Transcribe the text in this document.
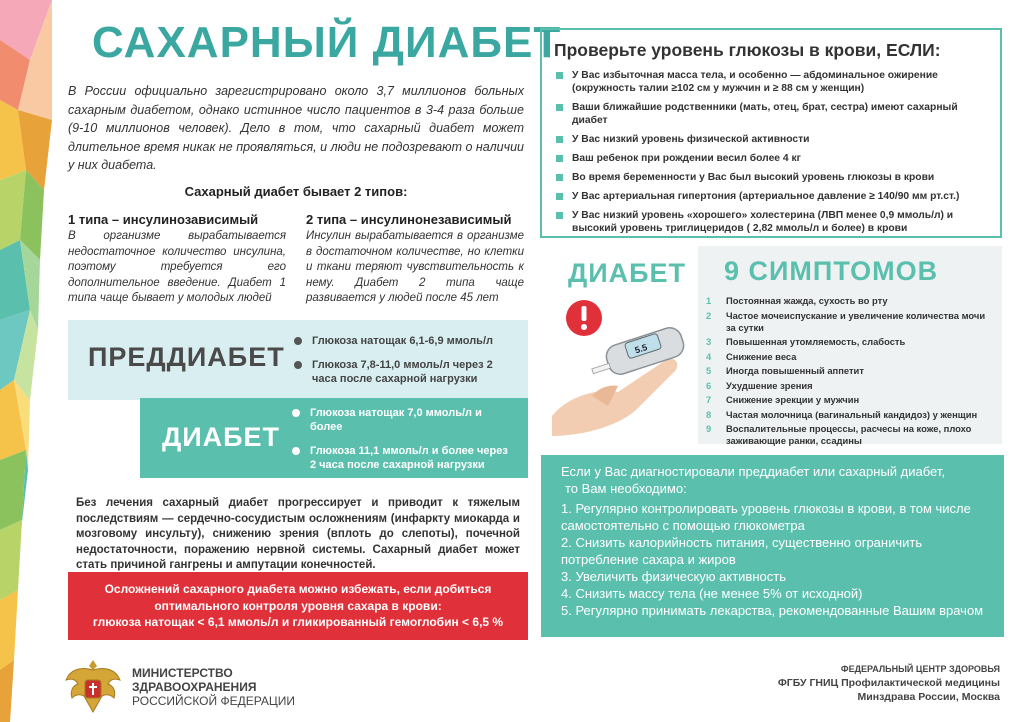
САХАРНЫЙ ДИАБЕТ
В России официально зарегистрировано около 3,7 миллионов больных сахарным диабетом, однако истинное число пациентов в 3-4 раза больше (9-10 миллионов человек). Дело в том, что сахарный диабет может длительное время никак не проявляться, и люди не подозревают о наличии у них диабета.
Сахарный диабет бывает 2 типов:
1 типа – инсулинозависимый

В организме вырабатывается недостаточное количество инсулина, поэтому требуется его дополнительное введение. Диабет 1 типа чаще бывает у молодых людей

2 типа – инсулинонезависимый

Инсулин вырабатывается в организме в достаточном количестве, но клетки и ткани теряют чувствительность к нему. Диабет 2 типа чаще развивается у людей после 45 лет

ПРЕДДИАБЕТ
Глюкоза натощак 6,1-6,9 ммоль/л
Глюкоза 7,8-11,0 ммоль/л через 2 часа после сахарной нагрузки
ДИАБЕТ
Глюкоза натощак 7,0 ммоль/л и более
Глюкоза 11,1 ммоль/л и более через 2 часа после сахарной нагрузки
Без лечения сахарный диабет прогрессирует и приводит к тяжелым последствиям — сердечно-сосудистым осложнениям (инфаркту миокарда и мозговому инсульту), снижению зрения (вплоть до слепоты), почечной недостаточности, поражению нервной системы. Сахарный диабет может стать причиной гангрены и ампутации конечностей.
Осложнений сахарного диабета можно избежать, если добиться
оптимального контроля уровня сахара в крови:
глюкоза натощак < 6,1 ммоль/л и гликированный гемоглобин < 6,5 %
Проверьте уровень глюкозы в крови, ЕСЛИ:
У Вас избыточная масса тела, и особенно — абдоминальное ожирение (окружность талии ≥102 см у мужчин и ≥ 88 см у женщин)
Ваши ближайшие родственники (мать, отец, брат, сестра) имеют сахарный диабет
У Вас низкий уровень физической активности
Ваш ребенок при рождении весил более 4 кг
Во время беременности у Вас был высокий уровень глюкозы в крови
У Вас артериальная гипертония (артериальное давление ≥ 140/90 мм рт.ст.)
У Вас низкий уровень «хорошего» холестерина (ЛВП менее 0,9 ммоль/л) и высокий уровень триглицеридов ( 2,82 ммоль/л и более) в крови
ДИАБЕТ
5.5
9 СИМПТОМОВ
1	Постоянная жажда, сухость во рту
2	Частое мочеиспускание и увеличение количества мочи за сутки
3	Повышенная утомляемость, слабость
4	Снижение веса
5	Иногда повышенный аппетит
6	Ухудшение зрения
7	Снижение эрекции у мужчин
8	Частая молочница (вагинальный кандидоз) у женщин
9	Воспалительные процессы, расчесы на коже, плохо заживающие ранки, ссадины
Если у Вас диагностировали преддиабет или сахарный диабет,
то Вам необходимо:
1. Регулярно контролировать уровень глюкозы в крови, в том числе самостоятельно с помощью глюкометра
2. Снизить калорийность питания, существенно ограничить потребление сахара и жиров
3. Увеличить физическую активность
4. Снизить массу тела (не менее 5% от исходной)
5. Регулярно принимать лекарства, рекомендованные Вашим врачом
МИНИСТЕРСТВО
ЗДРАВООХРАНЕНИЯ
РОССИЙСКОЙ ФЕДЕРАЦИИ
ФЕДЕРАЛЬНЫЙ ЦЕНТР ЗДОРОВЬЯ
ФГБУ ГНИЦ Профилактической медицины
Минздрава России, Москва
